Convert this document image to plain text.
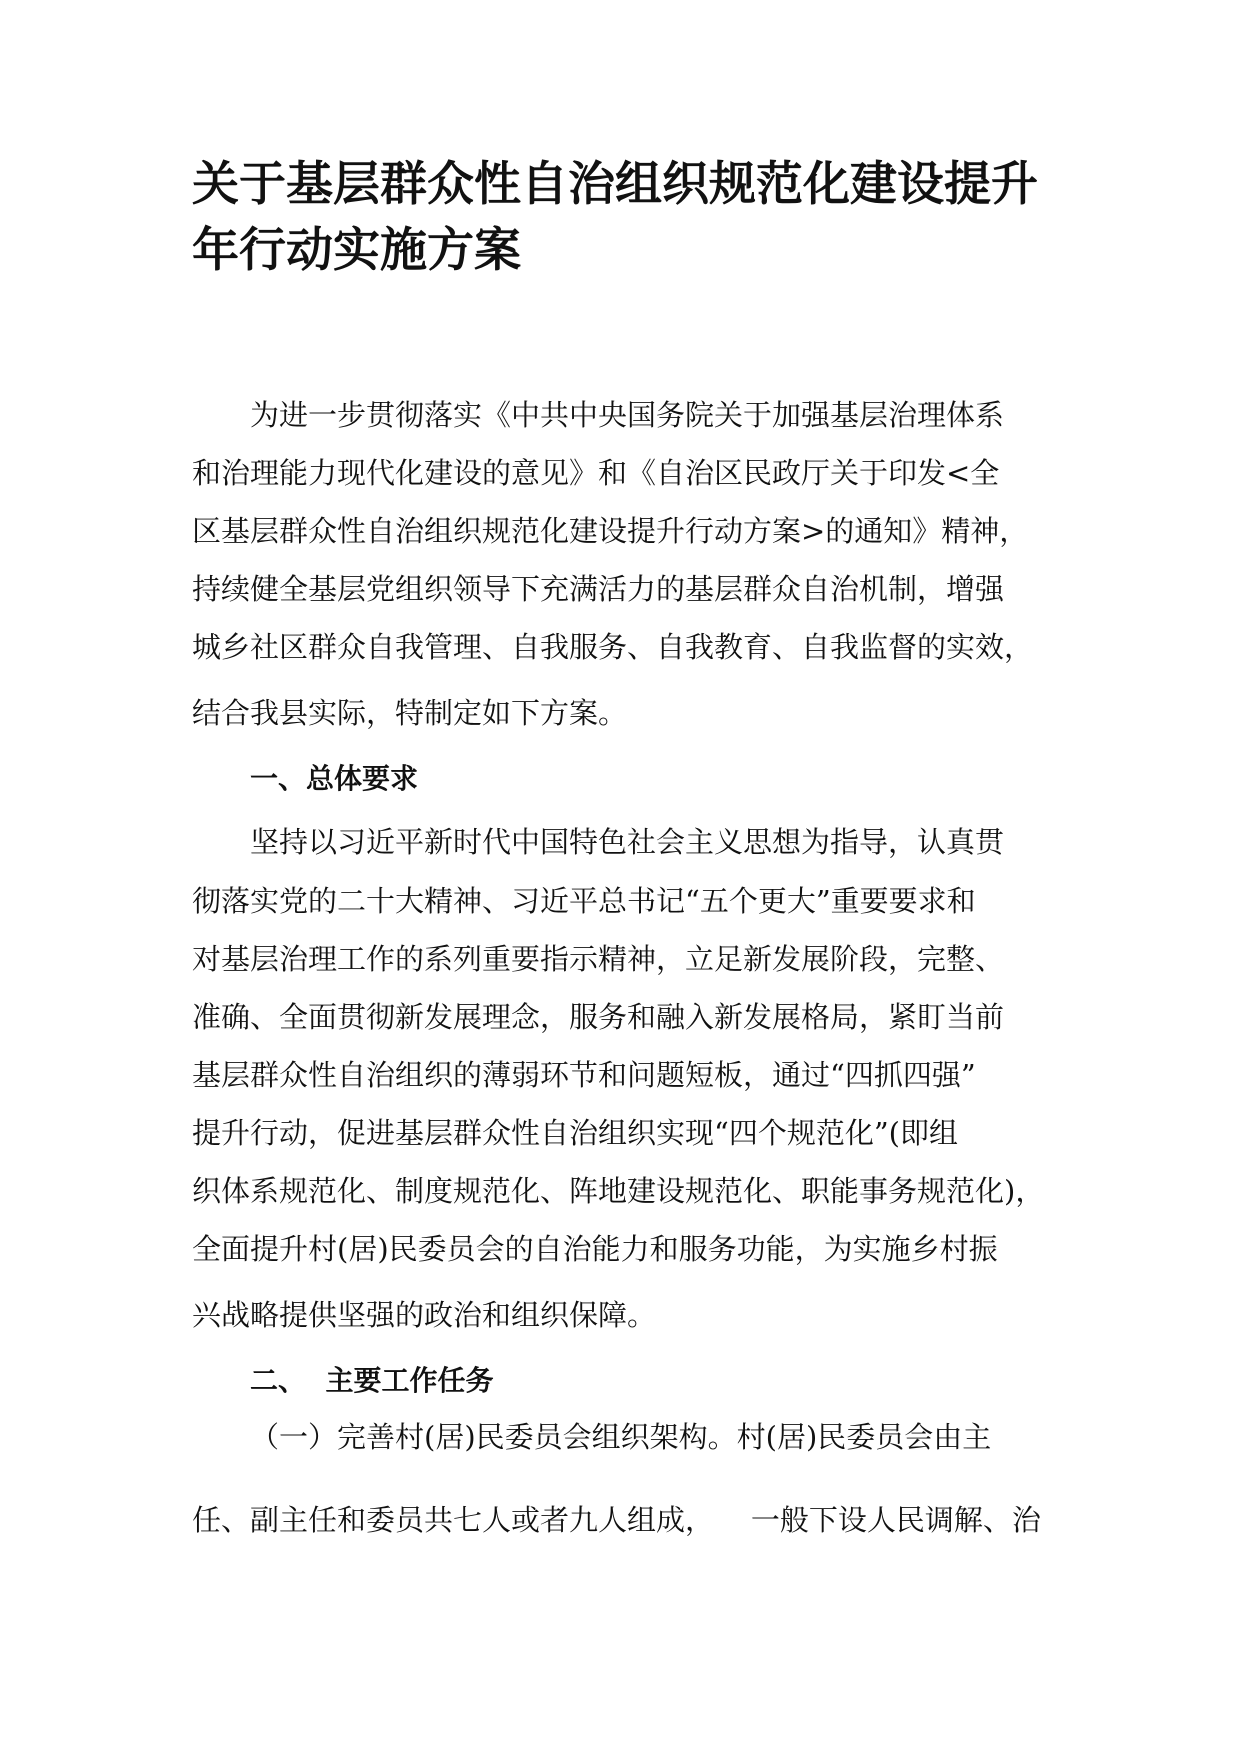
关于基层群众性自治组织规范化建设提升
年行动实施方案
为进一步贯彻落实《中共中央国务院关于加强基层治理体系
和治理能力现代化建设的意见》和《自治区民政厅关于印发<全
区基层群众性自治组织规范化建设提升行动方案>的通知》精神，
持续健全基层党组织领导下充满活力的基层群众自治机制，增强
城乡社区群众自我管理、自我服务、自我教育、自我监督的实效，
结合我县实际，特制定如下方案。
一、总体要求
坚持以习近平新时代中国特色社会主义思想为指导，认真贯
彻落实党的二十大精神、习近平总书记“五个更大”重要要求和
对基层治理工作的系列重要指示精神，立足新发展阶段，完整、
准确、全面贯彻新发展理念，服务和融入新发展格局，紧盯当前
基层群众性自治组织的薄弱环节和问题短板，通过“四抓四强”
提升行动，促进基层群众性自治组织实现“四个规范化”(即组
织体系规范化、制度规范化、阵地建设规范化、职能事务规范化)，
全面提升村(居)民委员会的自治能力和服务功能，为实施乡村振
兴战略提供坚强的政治和组织保障。
二、  主要工作任务
（一）完善村(居)民委员会组织架构。村(居)民委员会由主
任、副主任和委员共七人或者九人组成，    一般下设人民调解、治
